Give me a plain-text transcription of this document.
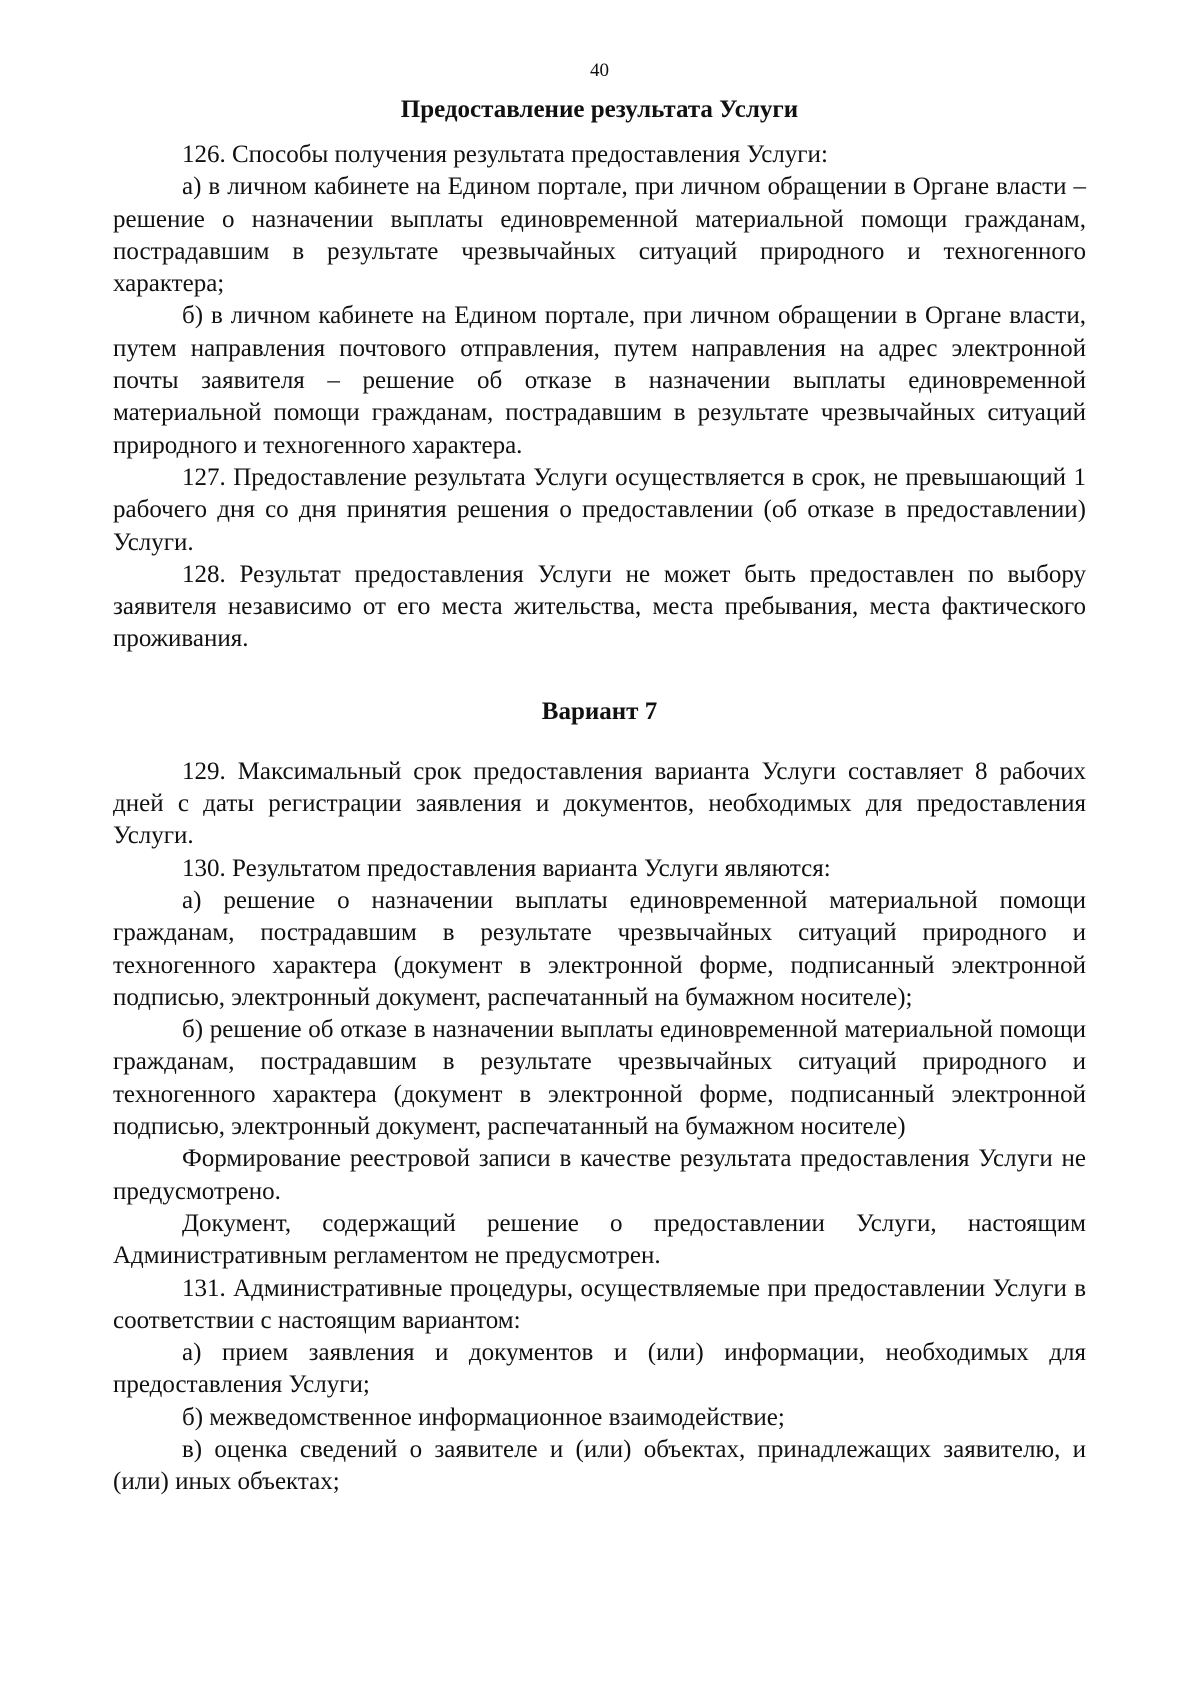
40
Предоставление результата Услуги

126. Способы получения результата предоставления Услуги:

а) в личном кабинете на Едином портале, при личном обращении в Органе власти – решение о назначении выплаты единовременной материальной помощи гражданам, пострадавшим в результате чрезвычайных ситуаций природного и техногенного характера;

б) в личном кабинете на Едином портале, при личном обращении в Органе власти, путем направления почтового отправления, путем направления на адрес электронной почты заявителя – решение об отказе в назначении выплаты единовременной материальной помощи гражданам, пострадавшим в результате чрезвычайных ситуаций природного и техногенного характера.

127. Предоставление результата Услуги осуществляется в срок, не превышающий 1 рабочего дня со дня принятия решения о предоставлении (об отказе в предоставлении) Услуги.

128. Результат предоставления Услуги не может быть предоставлен по выбору заявителя независимо от его места жительства, места пребывания, места фактического проживания.

Вариант 7

129. Максимальный срок предоставления варианта Услуги составляет 8 рабочих дней с даты регистрации заявления и документов, необходимых для предоставления Услуги.

130. Результатом предоставления варианта Услуги являются:

а) решение о назначении выплаты единовременной материальной помощи гражданам, пострадавшим в результате чрезвычайных ситуаций природного и техногенного характера (документ в электронной форме, подписанный электронной подписью, электронный документ, распечатанный на бумажном носителе);

б) решение об отказе в назначении выплаты единовременной материальной помощи гражданам, пострадавшим в результате чрезвычайных ситуаций природного и техногенного характера (документ в электронной форме, подписанный электронной подписью, электронный документ, распечатанный на бумажном носителе)

Формирование реестровой записи в качестве результата предоставления Услуги не предусмотрено.

Документ, содержащий решение о предоставлении Услуги, настоящим Административным регламентом не предусмотрен.

131. Административные процедуры, осуществляемые при предоставлении Услуги в соответствии с настоящим вариантом:

а) прием заявления и документов и (или) информации, необходимых для предоставления Услуги;

б) межведомственное информационное взаимодействие;

в) оценка сведений о заявителе и (или) объектах, принадлежащих заявителю, и (или) иных объектах;
